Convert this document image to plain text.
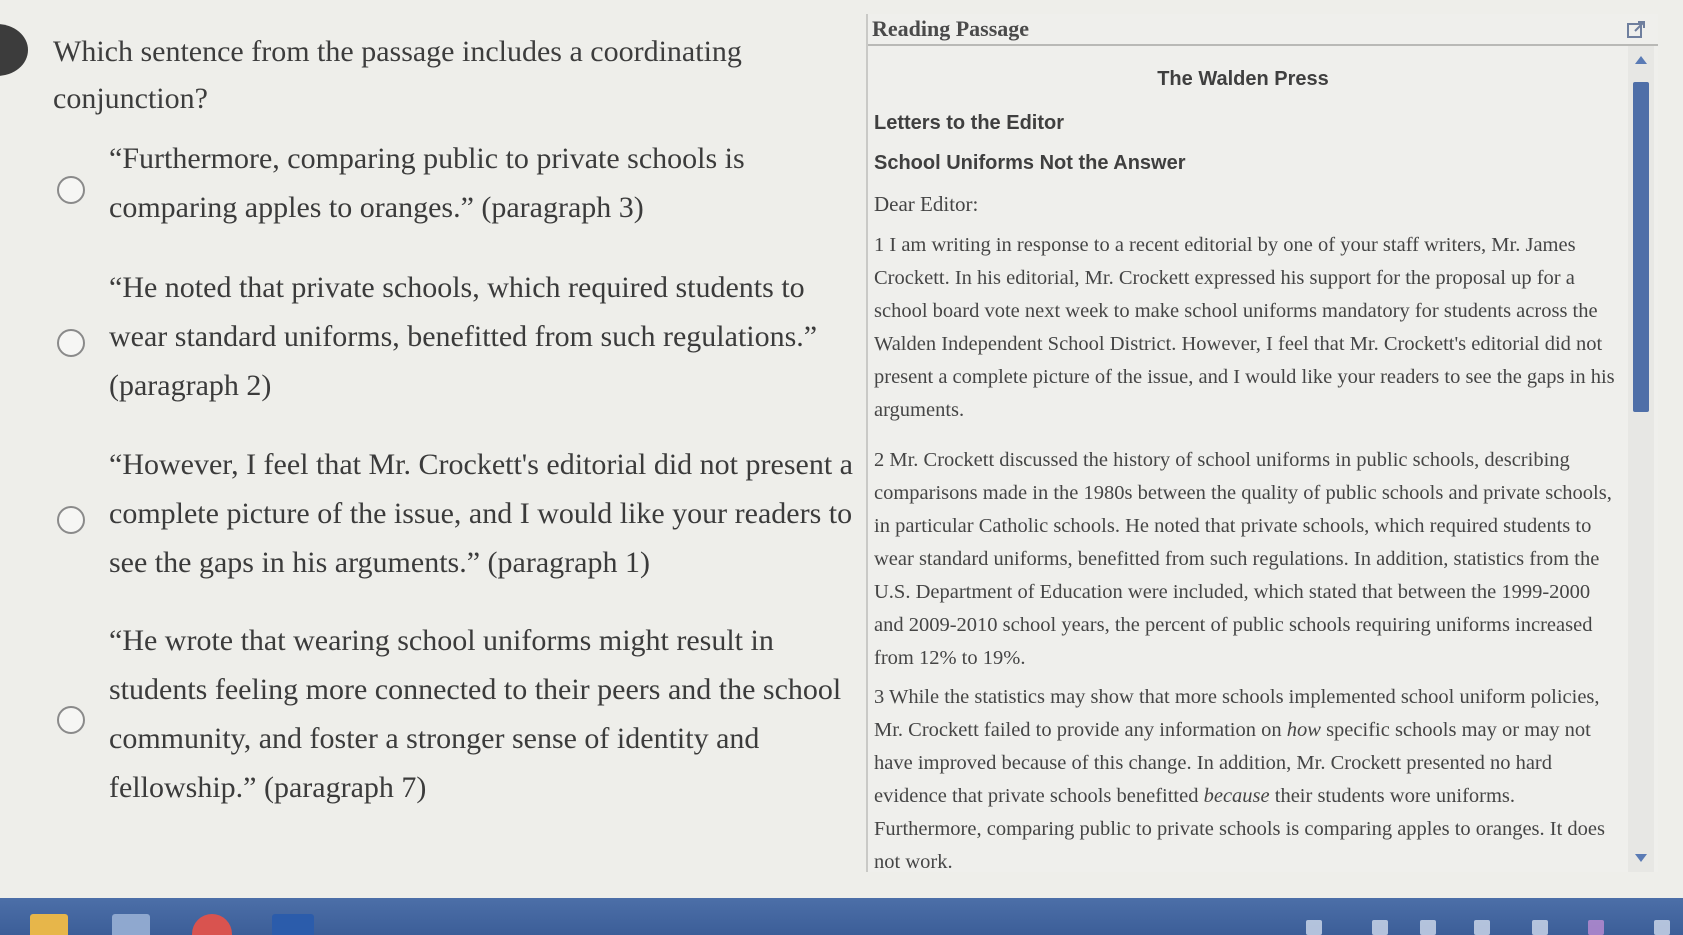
Which sentence from the passage includes a coordinating conjunction?
“Furthermore, comparing public to private schools is comparing apples to oranges.” (paragraph 3)
“He noted that private schools, which required students to wear standard uniforms, benefitted from such regulations.” (paragraph 2)
“However, I feel that Mr. Crockett's editorial did not present a complete picture of the issue, and I would like your readers to see the gaps in his arguments.” (paragraph 1)
“He wrote that wearing school uniforms might result in students feeling more connected to their peers and the school community, and foster a stronger sense of identity and fellowship.” (paragraph 7)
Reading Passage
The Walden Press
Letters to the Editor
School Uniforms Not the Answer
Dear Editor:
1 I am writing in response to a recent editorial by one of your staff writers, Mr. James Crockett. In his editorial, Mr. Crockett expressed his support for the proposal up for a school board vote next week to make school uniforms mandatory for students across the Walden Independent School District. However, I feel that Mr. Crockett's editorial did not present a complete picture of the issue, and I would like your readers to see the gaps in his arguments.
2 Mr. Crockett discussed the history of school uniforms in public schools, describing comparisons made in the 1980s between the quality of public schools and private schools, in particular Catholic schools. He noted that private schools, which required students to wear standard uniforms, benefitted from such regulations. In addition, statistics from the U.S. Department of Education were included, which stated that between the 1999-2000 and 2009-2010 school years, the percent of public schools requiring uniforms increased from 12% to 19%.
3 While the statistics may show that more schools implemented school uniform policies, Mr. Crockett failed to provide any information on how specific schools may or may not have improved because of this change. In addition, Mr. Crockett presented no hard evidence that private schools benefitted because their students wore uniforms. Furthermore, comparing public to private schools is comparing apples to oranges. It does not work.
